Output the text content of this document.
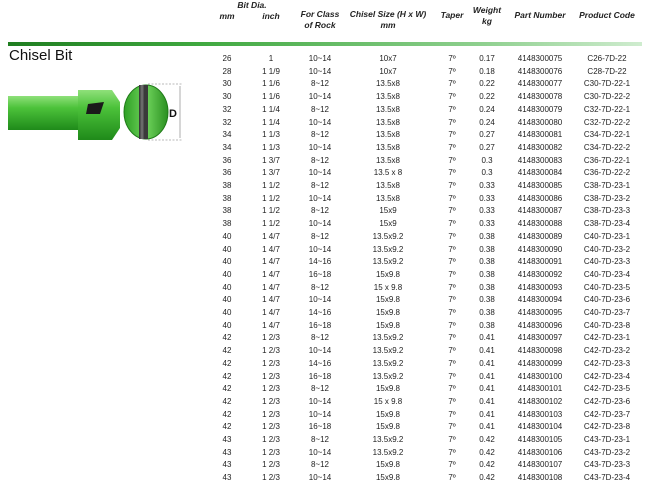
Bit Dia.
mm	inch	For Class
of Rock
Chisel Size (H x W)
mm
Taper	Weight
kg
Part Number	Product Code
Chisel Bit
D
26	1	10~14	10x7	7º	0.17	4148300075	C26-7D-22
28	1 1/9	10~14	10x7	7º	0.18	4148300076	C28-7D-22
30	1 1/6	8~12	13.5x8	7º	0.22	4148300077	C30-7D-22-1
30	1 1/6	10~14	13.5x8	7º	0.22	4148300078	C30-7D-22-2
32	1 1/4	8~12	13.5x8	7º	0.24	4148300079	C32-7D-22-1
32	1 1/4	10~14	13.5x8	7º	0.24	4148300080	C32-7D-22-2
34	1 1/3	8~12	13.5x8	7º	0.27	4148300081	C34-7D-22-1
34	1 1/3	10~14	13.5x8	7º	0.27	4148300082	C34-7D-22-2
36	1 3/7	8~12	13.5x8	7º	0.3	4148300083	C36-7D-22-1
36	1 3/7	10~14	13.5 x 8	7º	0.3	4148300084	C36-7D-22-2
38	1 1/2	8~12	13.5x8	7º	0.33	4148300085	C38-7D-23-1
38	1 1/2	10~14	13.5x8	7º	0.33	4148300086	C38-7D-23-2
38	1 1/2	8~12	15x9	7º	0.33	4148300087	C38-7D-23-3
38	1 1/2	10~14	15x9	7º	0.33	4148300088	C38-7D-23-4
40	1 4/7	8~12	13.5x9.2	7º	0.38	4148300089	C40-7D-23-1
40	1 4/7	10~14	13.5x9.2	7º	0.38	4148300090	C40-7D-23-2
40	1 4/7	14~16	13.5x9.2	7º	0.38	4148300091	C40-7D-23-3
40	1 4/7	16~18	15x9.8	7º	0.38	4148300092	C40-7D-23-4
40	1 4/7	8~12	15 x 9.8	7º	0.38	4148300093	C40-7D-23-5
40	1 4/7	10~14	15x9.8	7º	0.38	4148300094	C40-7D-23-6
40	1 4/7	14~16	15x9.8	7º	0.38	4148300095	C40-7D-23-7
40	1 4/7	16~18	15x9.8	7º	0.38	4148300096	C40-7D-23-8
42	1 2/3	8~12	13.5x9.2	7º	0.41	4148300097	C42-7D-23-1
42	1 2/3	10~14	13.5x9.2	7º	0.41	4148300098	C42-7D-23-2
42	1 2/3	14~16	13.5x9.2	7º	0.41	4148300099	C42-7D-23-3
42	1 2/3	16~18	13.5x9.2	7º	0.41	4148300100	C42-7D-23-4
42	1 2/3	8~12	15x9.8	7º	0.41	4148300101	C42-7D-23-5
42	1 2/3	10~14	15 x 9.8	7º	0.41	4148300102	C42-7D-23-6
42	1 2/3	10~14	15x9.8	7º	0.41	4148300103	C42-7D-23-7
42	1 2/3	16~18	15x9.8	7º	0.41	4148300104	C42-7D-23-8
43	1 2/3	8~12	13.5x9.2	7º	0.42	4148300105	C43-7D-23-1
43	1 2/3	10~14	13.5x9.2	7º	0.42	4148300106	C43-7D-23-2
43	1 2/3	8~12	15x9.8	7º	0.42	4148300107	C43-7D-23-3
43	1 2/3	10~14	15x9.8	7º	0.42	4148300108	C43-7D-23-4
